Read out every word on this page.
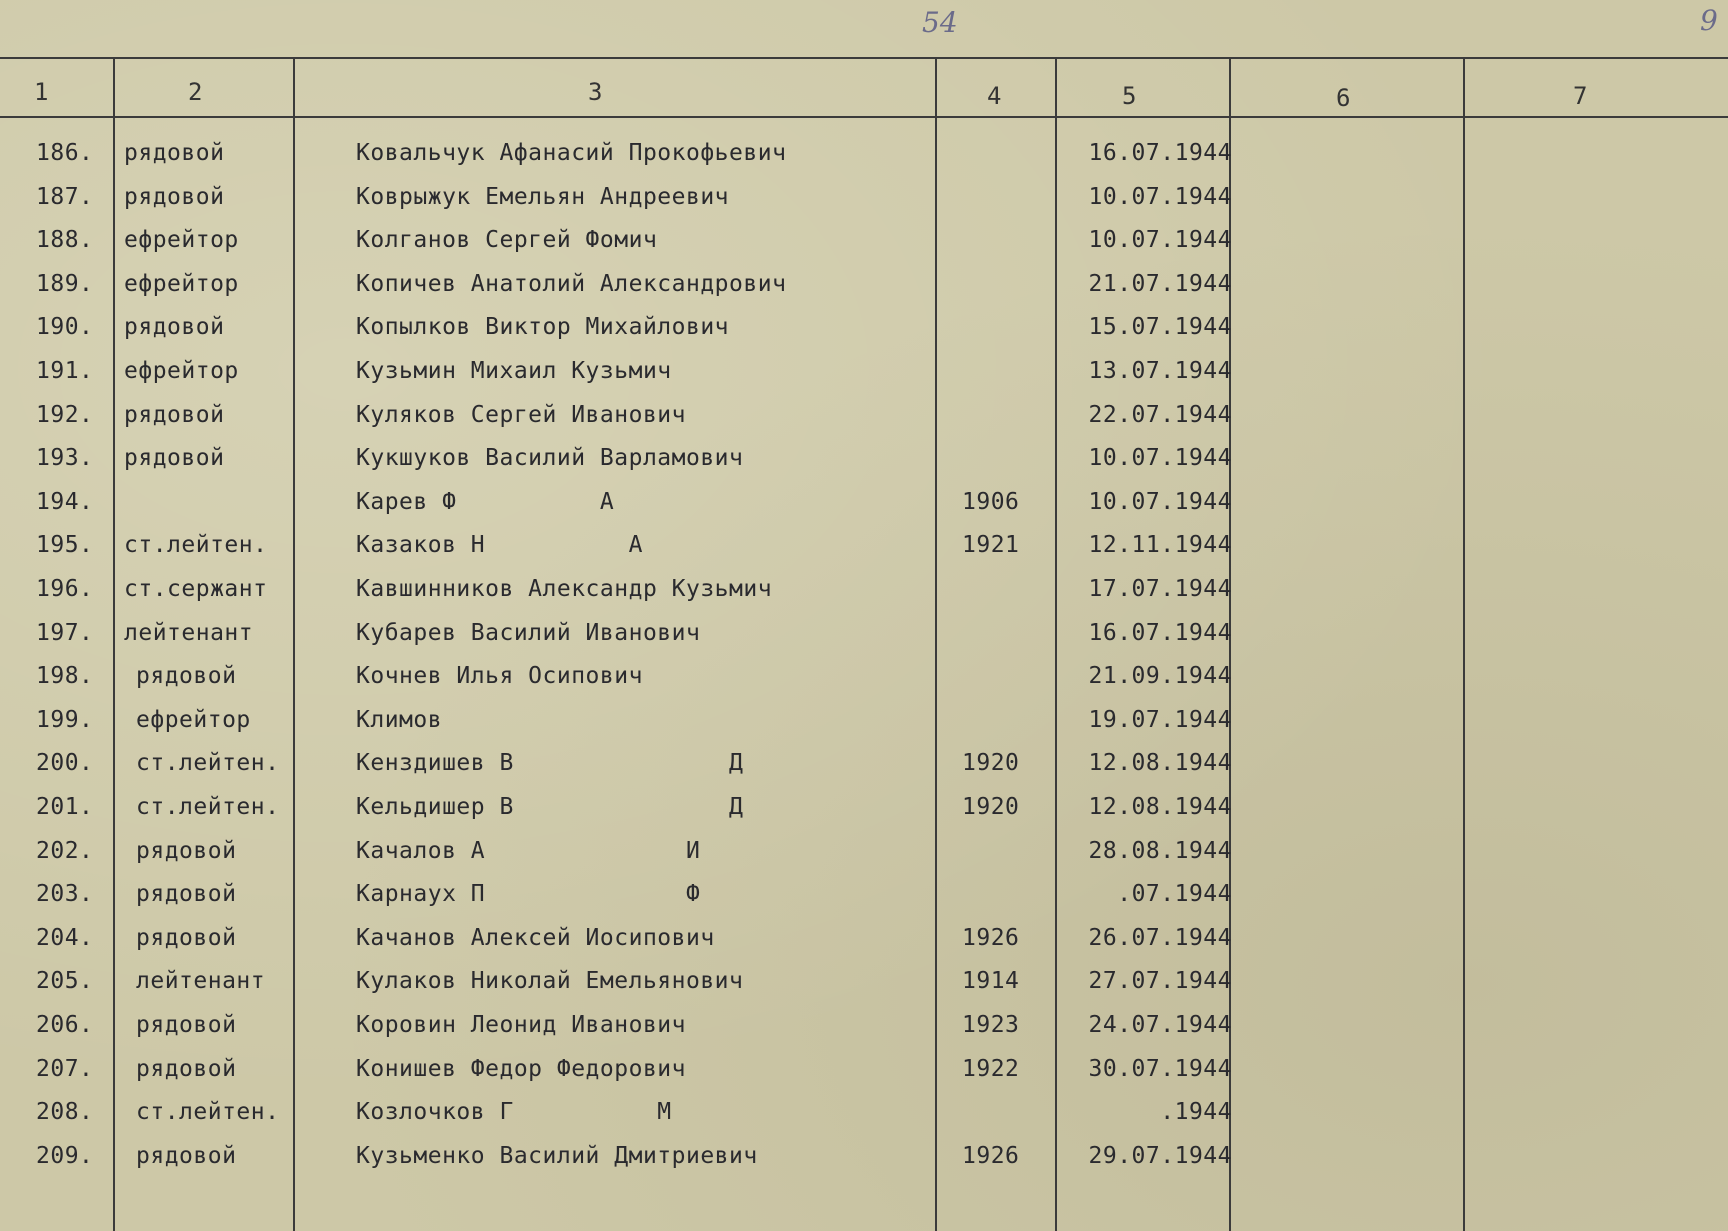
54	9
1	2	3	4	5	6	7
186. рядовой	Ковальчук Афанасий Прокофьевич	16.07.1944
187. рядовой	Коврыжук Емельян Андреевич	10.07.1944
188. ефрейтор	Колганов Сергей Фомич	10.07.1944
189. ефрейтор	Копичев Анатолий Александрович	21.07.1944
190. рядовой	Копылков Виктор Михайлович	15.07.1944
191. ефрейтор	Кузьмин Михаил Кузьмич	13.07.1944
192. рядовой	Куляков Сергей Иванович	22.07.1944
193. рядовой	Кукшуков Василий Варламович	10.07.1944
194.	Карев Ф          А	1906	10.07.1944
195. ст.лейтен.	Казаков Н          А	1921	12.11.1944
196. ст.сержант	Кавшинников Александр Кузьмич	17.07.1944
197. лейтенант	Кубарев Василий Иванович	16.07.1944
198. рядовой	Кочнев Илья Осипович	21.09.1944
199. ефрейтор	Климов	19.07.1944
200. ст.лейтен.	Кенздишев В               Д	1920	12.08.1944
201. ст.лейтен.	Кельдишер В               Д	1920	12.08.1944
202. рядовой	Качалов А              И	28.08.1944
203. рядовой	Карнаух П              Ф	.07.1944
204. рядовой	Качанов Алексей Иосипович	1926	26.07.1944
205. лейтенант	Кулаков Николай Емельянович	1914	27.07.1944
206. рядовой	Коровин Леонид Иванович	1923	24.07.1944
207. рядовой	Конишев Федор Федорович	1922	30.07.1944
208. ст.лейтен.	Козлочков Г          М	.1944
209. рядовой	Кузьменко Василий Дмитриевич	1926	29.07.1944
